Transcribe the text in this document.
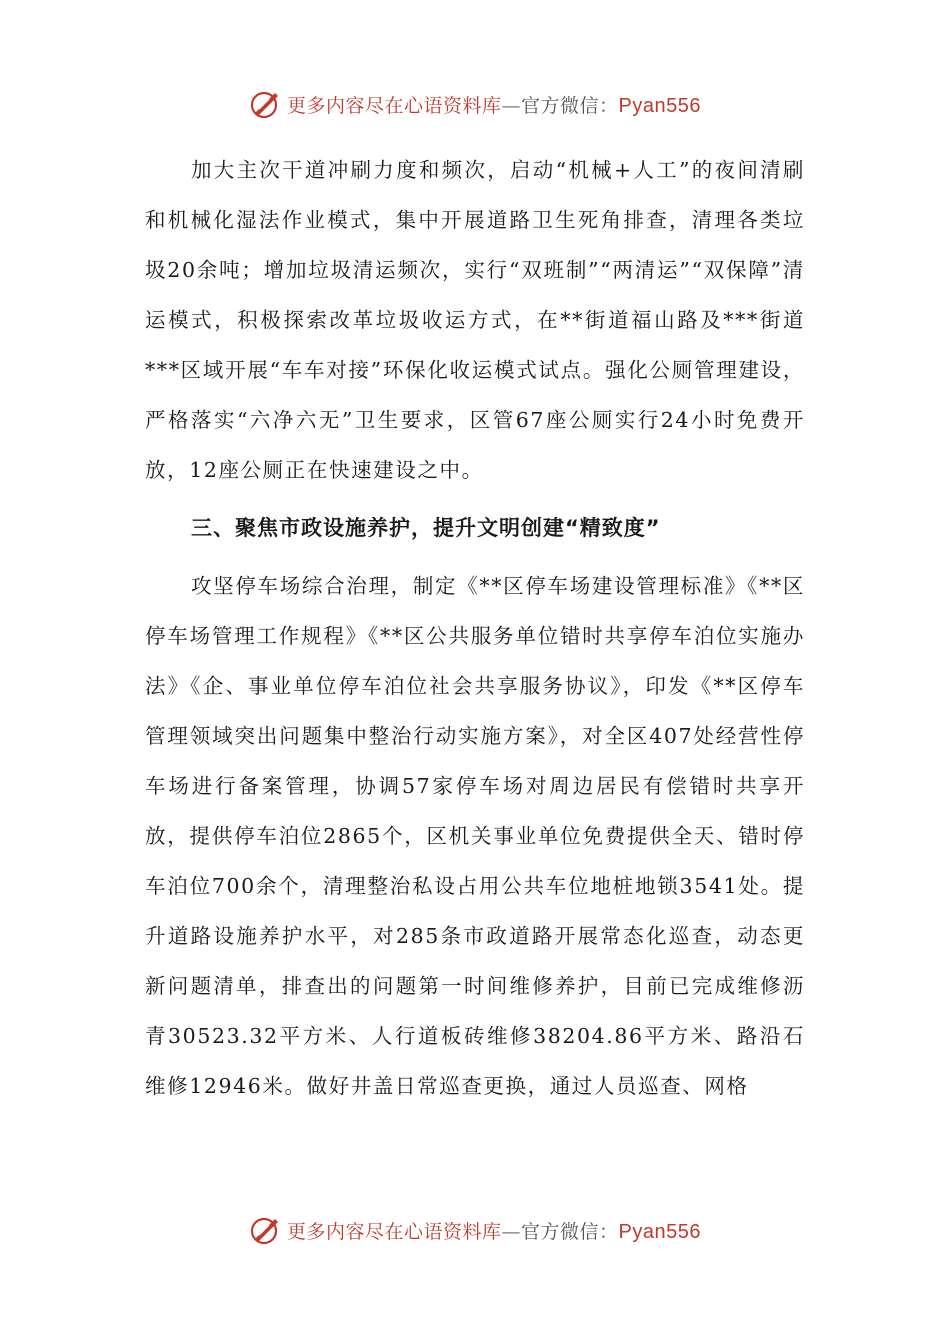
更多内容尽在心语资料库—官方微信：Pyan556

加大主次干道冲刷力度和频次，启动“机械+人工”的夜间清刷和机械化湿法作业模式，集中开展道路卫生死角排查，清理各类垃圾20余吨；增加垃圾清运频次，实行“双班制”“两清运”“双保障”清运模式，积极探索改革垃圾收运方式，在**街道福山路及***街道***区域开展“车车对接”环保化收运模式试点。强化公厕管理建设，严格落实“六净六无”卫生要求，区管67座公厕实行24小时免费开放，12座公厕正在快速建设之中。

三、聚焦市政设施养护，提升文明创建“精致度”

攻坚停车场综合治理，制定《**区停车场建设管理标准》《**区停车场管理工作规程》《**区公共服务单位错时共享停车泊位实施办法》《企、事业单位停车泊位社会共享服务协议》，印发《**区停车管理领域突出问题集中整治行动实施方案》，对全区407处经营性停车场进行备案管理，协调57家停车场对周边居民有偿错时共享开放，提供停车泊位2865个，区机关事业单位免费提供全天、错时停车泊位700余个，清理整治私设占用公共车位地桩地锁3541处。提升道路设施养护水平，对285条市政道路开展常态化巡查，动态更新问题清单，排查出的问题第一时间维修养护，目前已完成维修沥青30523.32平方米、人行道板砖维修38204.86平方米、路沿石维修12946米。做好井盖日常巡查更换，通过人员巡查、网格

更多内容尽在心语资料库—官方微信：Pyan556
